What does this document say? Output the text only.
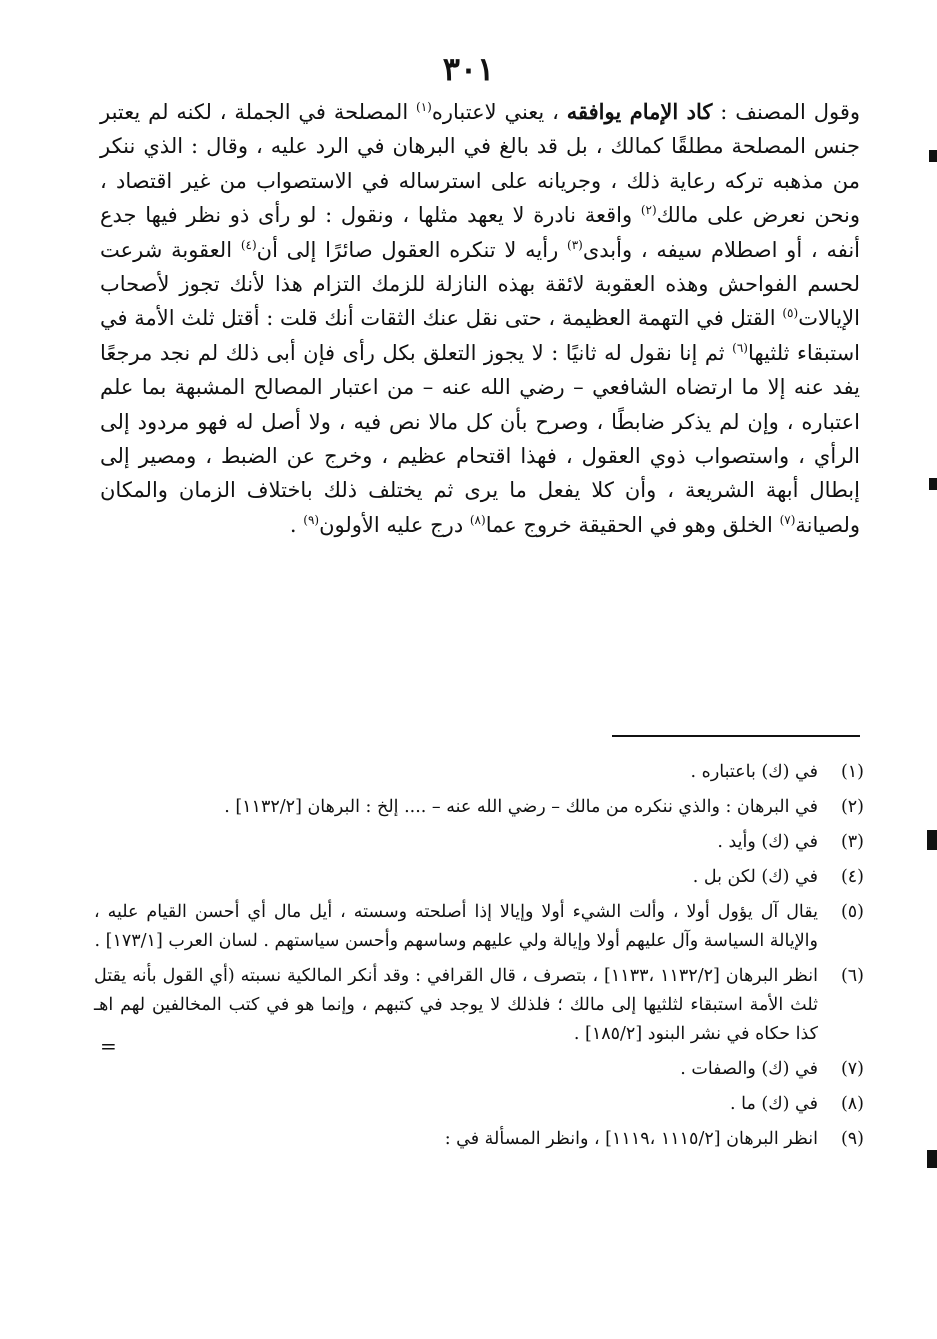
٣٠١

وقول المصنف : كاد الإمام يوافقه ، يعني لاعتباره$^{(١)}$ المصلحة في الجملة ، لكنه لم يعتبر جنس المصلحة مطلقًا كمالك ، بل قد بالغ في البرهان في الرد عليه ، وقال : الذي ننكر من مذهبه تركه رعاية ذلك ، وجريانه على استرساله في الاستصواب من غير اقتصاد ، ونحن نعرض على مالك$^{(٢)}$ واقعة نادرة لا يعهد مثلها ، ونقول : لو رأى ذو نظر فيها جدع أنفه ، أو اصطلام سيفه ، وأبدى$^{(٣)}$ رأيه لا تنكره العقول صائرًا إلى أن$^{(٤)}$ العقوبة شرعت لحسم الفواحش وهذه العقوبة لائقة بهذه النازلة للزمك التزام هذا لأنك تجوز لأصحاب الإيالات$^{(٥)}$ القتل في التهمة العظيمة ، حتى نقل عنك الثقات أنك قلت : أقتل ثلث الأمة في استبقاء ثلثيها$^{(٦)}$ ثم إنا نقول له ثانيًا : لا يجوز التعلق بكل رأى فإن أبى ذلك لم نجد مرجعًا يفد عنه إلا ما ارتضاه الشافعي – رضي الله عنه – من اعتبار المصالح المشبهة بما علم اعتباره ، وإن لم يذكر ضابطًا ، وصرح بأن كل مالا نص فيه ، ولا أصل له فهو مردود إلى الرأي ، واستصواب ذوي العقول ، فهذا اقتحام عظيم ، وخرج عن الضبط ، ومصير إلى إبطال أبهة الشريعة ، وأن كلا يفعل ما يرى ثم يختلف ذلك باختلاف الزمان والمكان ولصيانة$^{(٧)}$ الخلق وهو في الحقيقة خروج عما$^{(٨)}$ درج عليه الأولون$^{(٩)}$ .

(١)
في (ك) باعتباره .
(٢)
في البرهان : والذي ننكره من مالك – رضي الله عنه – .... إلخ : البرهان [١١٣٢/٢] .
(٣)
في (ك) وأيد .
(٤)
في (ك) لكن بل .
(٥)
يقال آل يؤول أولا ، وألت الشيء أولا وإيالا إذا أصلحته وسسته ، أيل مال أي أحسن القيام عليه ، والإيالة السياسة وآل عليهم أولا وإيالة ولي عليهم وساسهم وأحسن سياستهم . لسان العرب [١٧٣/١] .
(٦)
انظر البرهان [١١٣٢/٢ ،١١٣٣] ، بتصرف ، قال القرافي : وقد أنكر المالكية نسبته (أي القول بأنه يقتل ثلث الأمة استبقاء لثلثيها إلى مالك ؛ فلذلك لا يوجد في كتبهم ، وإنما هو في كتب المخالفين لهم اهـ كذا حكاه في نشر البنود [١٨٥/٢] .
(٧)
في (ك) والصفات .
(٨)
في (ك) ما .
(٩)
انظر البرهان [١١١٥/٢ ،١١١٩] ، وانظر المسألة في :
=
